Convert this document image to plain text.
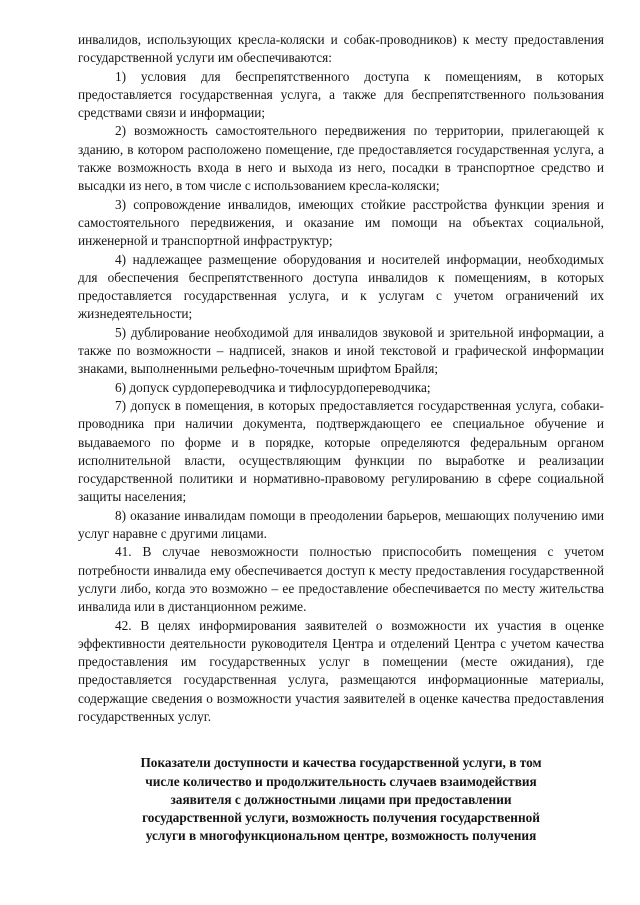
инвалидов, использующих кресла-коляски и собак-проводников) к месту предоставления государственной услуги им обеспечиваются:

1) условия для беспрепятственного доступа к помещениям, в которых предоставляется государственная услуга, а также для беспрепятственного пользования средствами связи и информации;

2) возможность самостоятельного передвижения по территории, прилегающей к зданию, в котором расположено помещение, где предоставляется государственная услуга, а также возможность входа в него и выхода из него, посадки в транспортное средство и высадки из него, в том числе с использованием кресла-коляски;

3) сопровождение инвалидов, имеющих стойкие расстройства функции зрения и самостоятельного передвижения, и оказание им помощи на объектах социальной, инженерной и транспортной инфраструктур;

4) надлежащее размещение оборудования и носителей информации, необходимых для обеспечения беспрепятственного доступа инвалидов к помещениям, в которых предоставляется государственная услуга, и к услугам с учетом ограничений их жизнедеятельности;

5) дублирование необходимой для инвалидов звуковой и зрительной информации, а также по возможности – надписей, знаков и иной текстовой и графической информации знаками, выполненными рельефно-точечным шрифтом Брайля;

6) допуск сурдопереводчика и тифлосурдопереводчика;

7) допуск в помещения, в которых предоставляется государственная услуга, собаки-проводника при наличии документа, подтверждающего ее специальное обучение и выдаваемого по форме и в порядке, которые определяются федеральным органом исполнительной власти, осуществляющим функции по выработке и реализации государственной политики и нормативно-правовому регулированию в сфере социальной защиты населения;

8) оказание инвалидам помощи в преодолении барьеров, мешающих получению ими услуг наравне с другими лицами.

41. В случае невозможности полностью приспособить помещения с учетом потребности инвалида ему обеспечивается доступ к месту предоставления государственной услуги либо, когда это возможно – ее предоставление обеспечивается по месту жительства инвалида или в дистанционном режиме.

42. В целях информирования заявителей о возможности их участия в оценке эффективности деятельности руководителя Центра и отделений Центра с учетом качества предоставления им государственных услуг в помещении (месте ожидания), где предоставляется государственная услуга, размещаются информационные материалы, содержащие сведения о возможности участия заявителей в оценке качества предоставления государственных услуг.

Показатели доступности и качества государственной услуги, в том
числе количество и продолжительность случаев взаимодействия
заявителя с должностными лицами при предоставлении
государственной услуги, возможность получения государственной
услуги в многофункциональном центре, возможность получения
